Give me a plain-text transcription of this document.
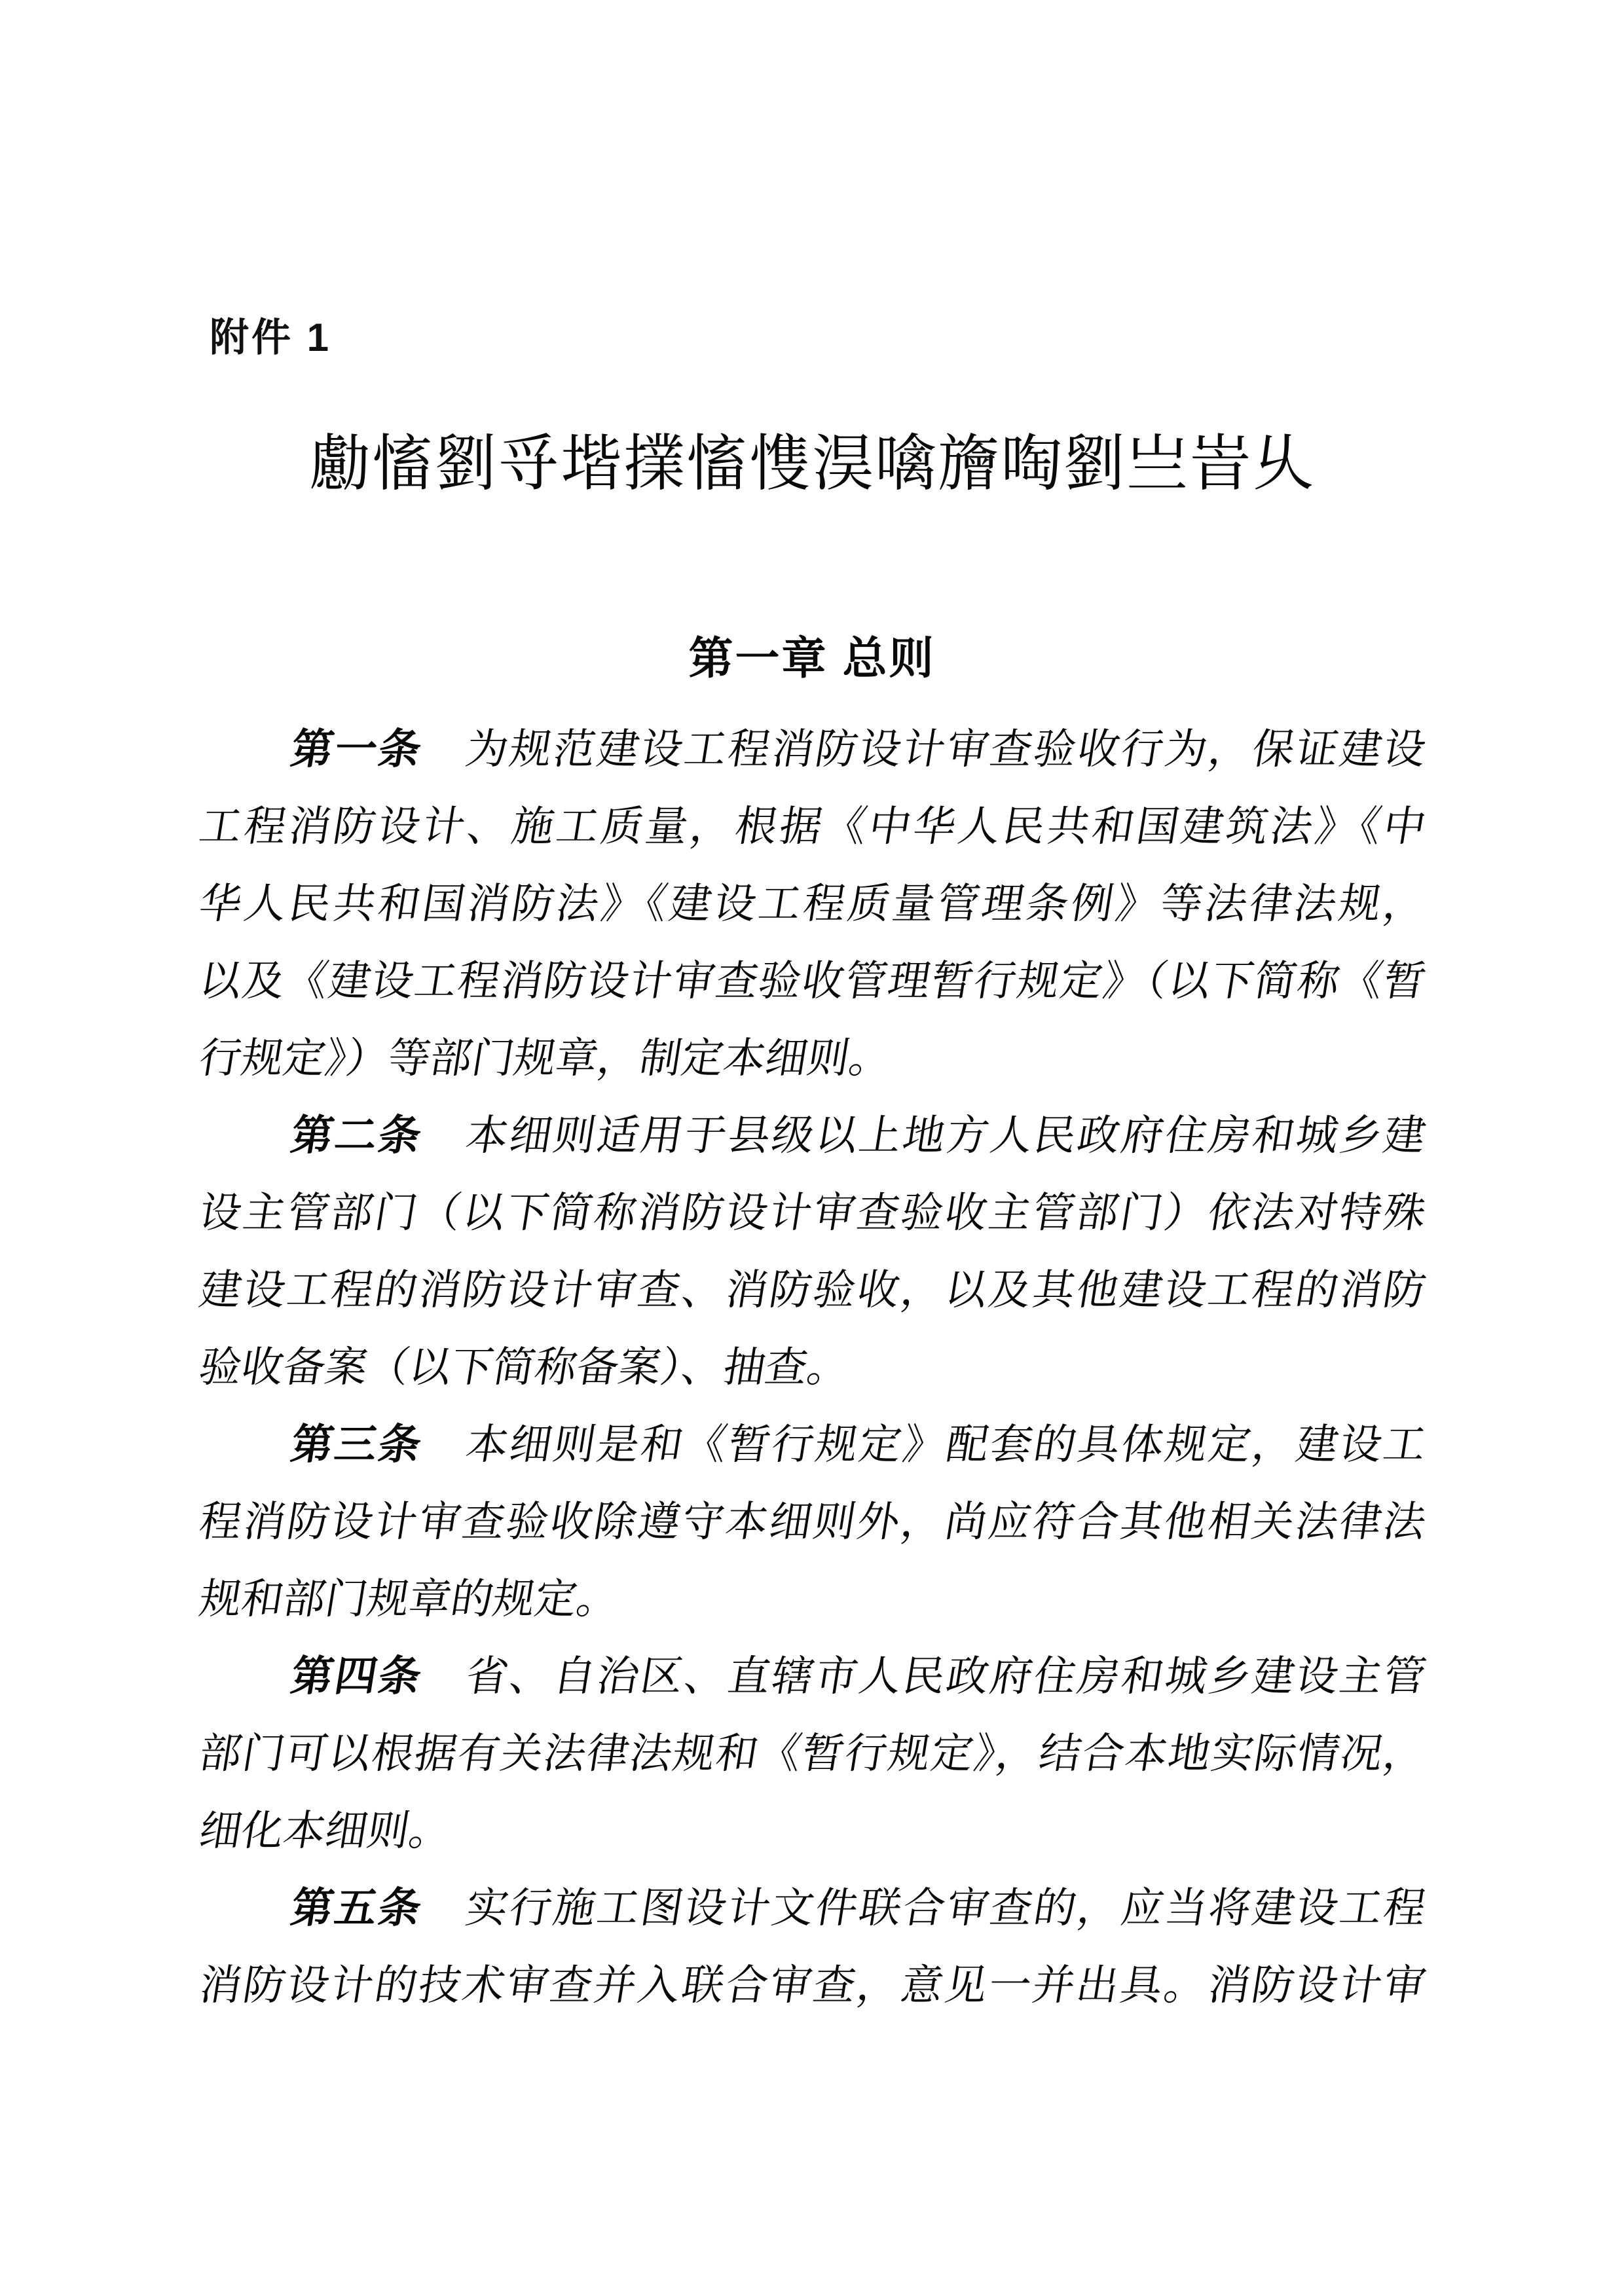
附件 1
勴慉劉寽堦擈慉愯淏噙旝啕劉亗峕乆
第一章 总则
第一条　为规范建设工程消防设计审查验收行为，保证建设
工程消防设计、施工质量，根据《中华人民共和国建筑法》《中
华人民共和国消防法》《建设工程质量管理条例》等法律法规，
以及《建设工程消防设计审查验收管理暂行规定》（以下简称《暂
行规定》）等部门规章，制定本细则。
第二条　本细则适用于县级以上地方人民政府住房和城乡建
设主管部门（以下简称消防设计审查验收主管部门）依法对特殊
建设工程的消防设计审查、消防验收，以及其他建设工程的消防
验收备案（以下简称备案）、抽查。
第三条　本细则是和《暂行规定》配套的具体规定，建设工
程消防设计审查验收除遵守本细则外，尚应符合其他相关法律法
规和部门规章的规定。
第四条　省、自治区、直辖市人民政府住房和城乡建设主管
部门可以根据有关法律法规和《暂行规定》，结合本地实际情况，
细化本细则。
第五条　实行施工图设计文件联合审查的，应当将建设工程
消防设计的技术审查并入联合审查，意见一并出具。消防设计审
